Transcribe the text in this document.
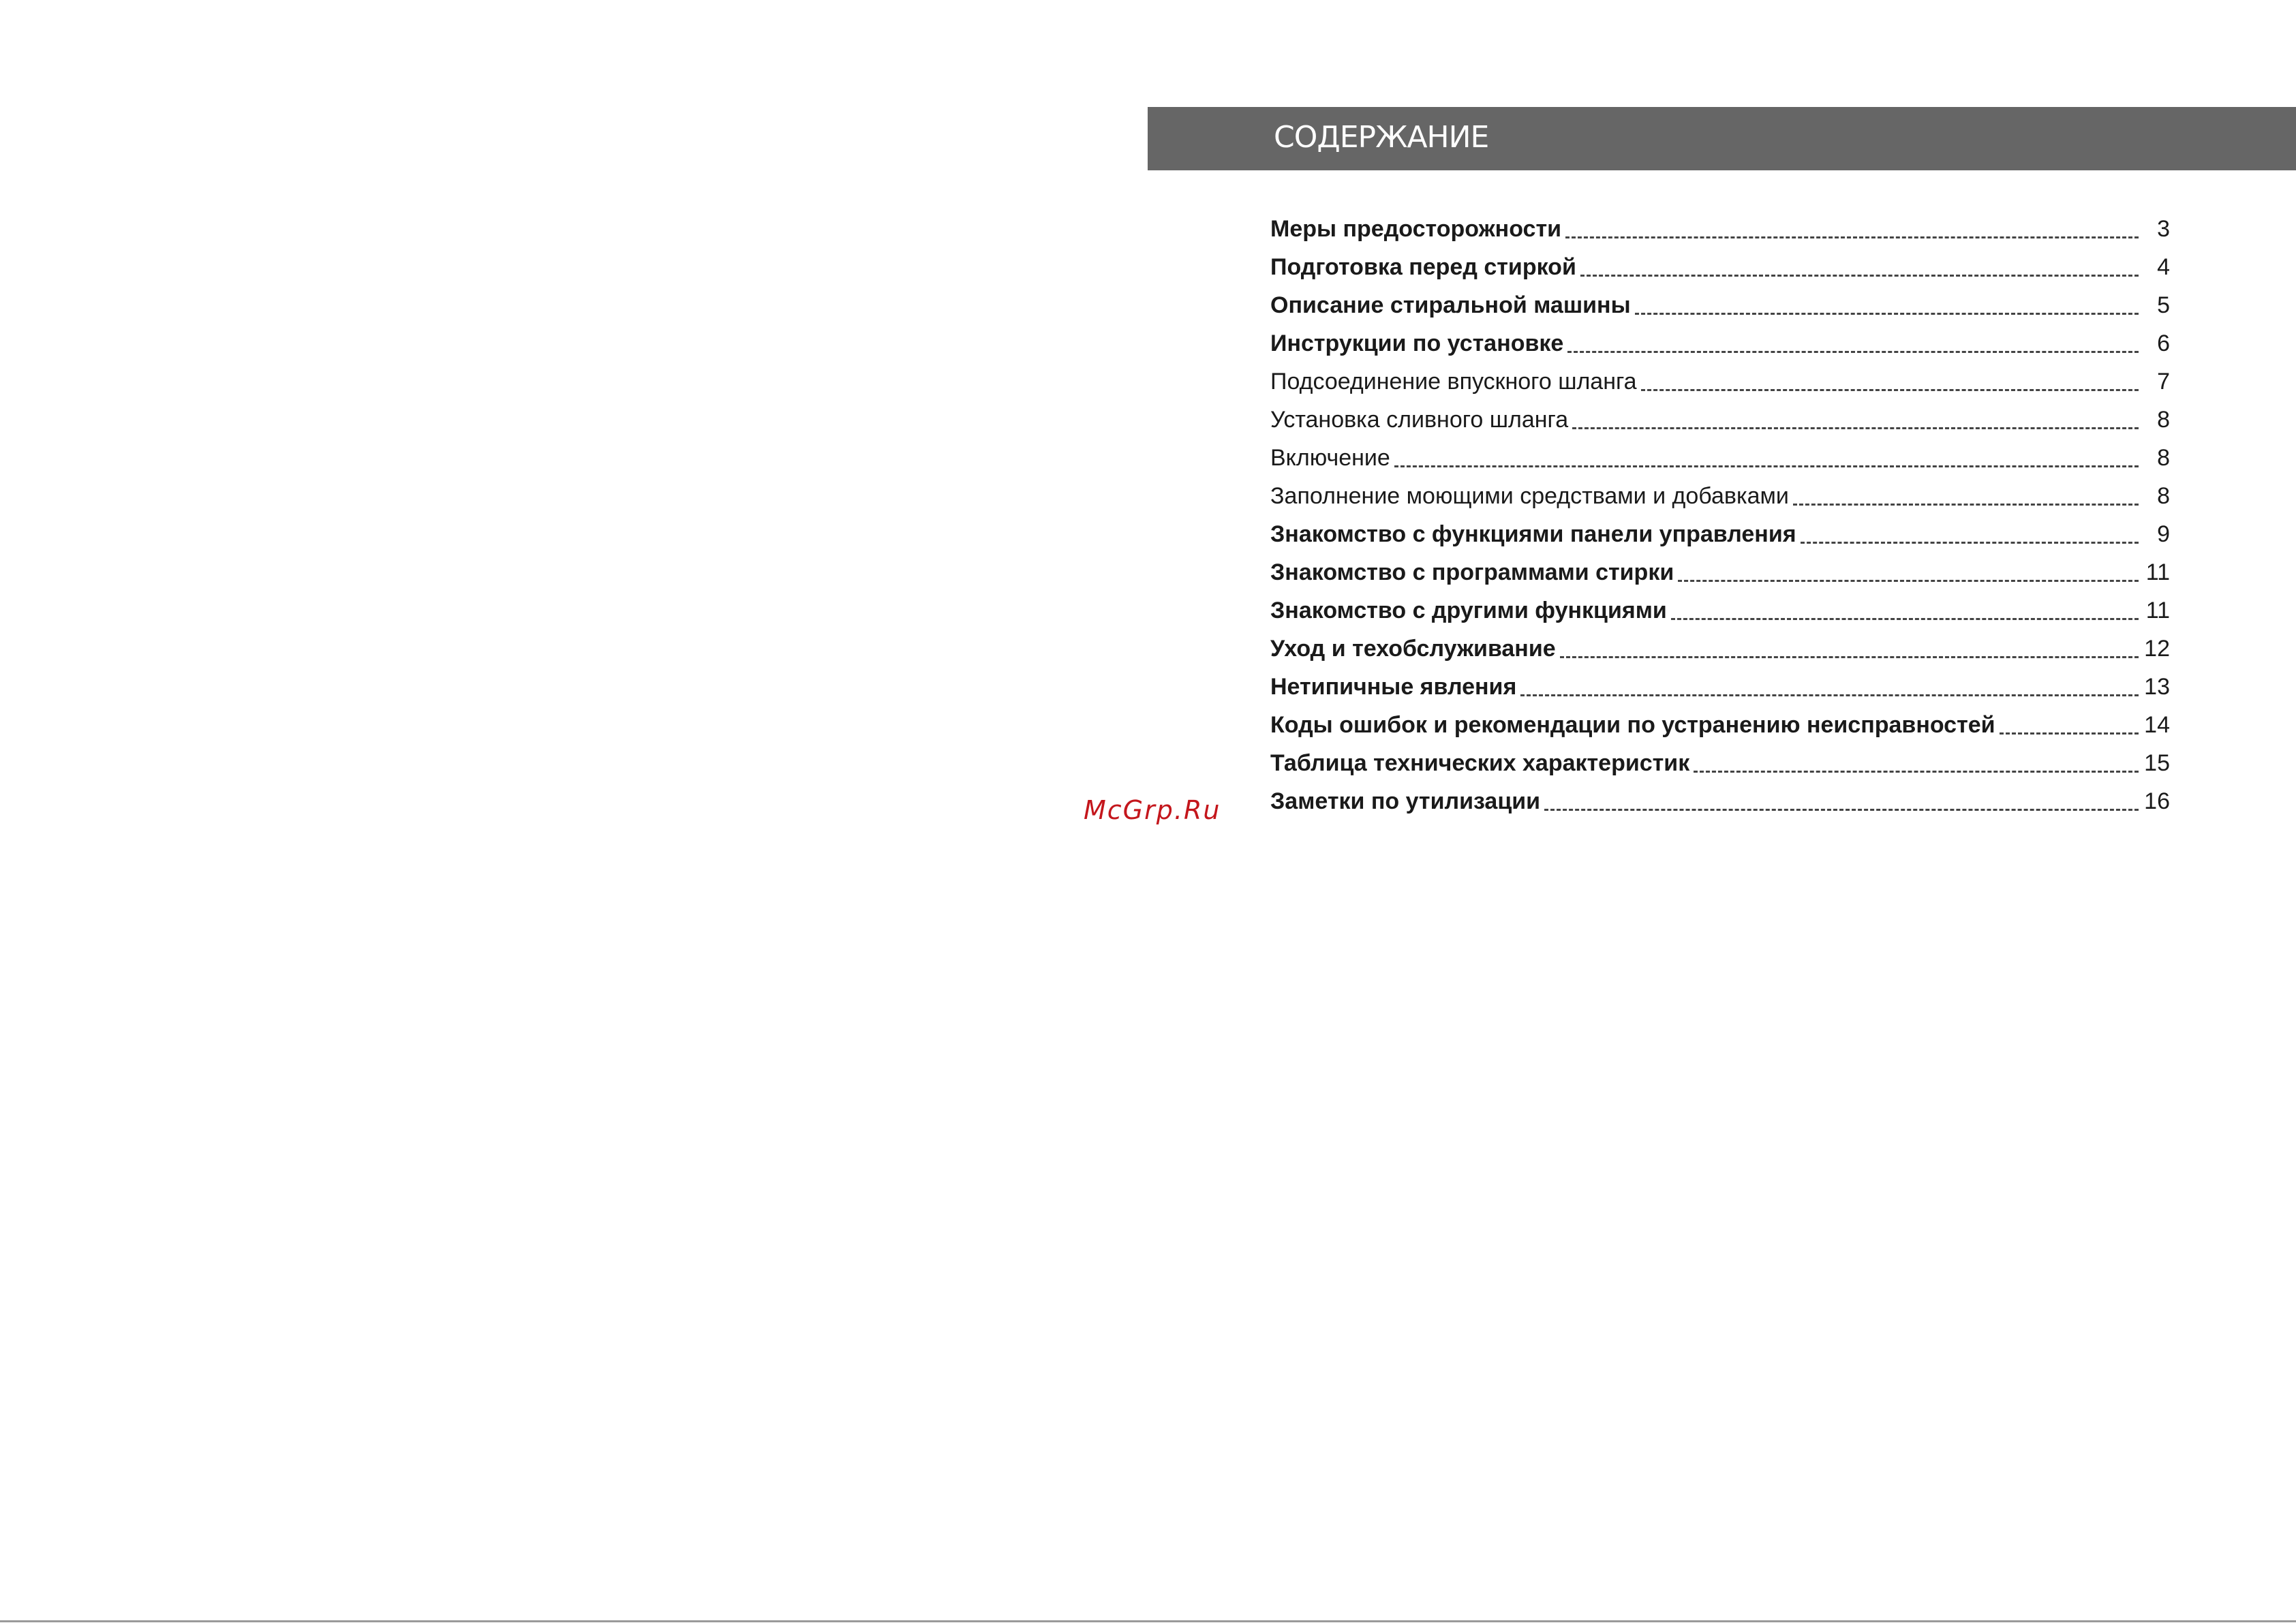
СОДЕРЖАНИЕ
Меры предосторожности	3
Подготовка перед стиркой	4
Описание стиральной машины	5
Инструкции по установке	6
Подсоединение впускного шланга	7
Установка сливного шланга	8
Включение	8
Заполнение моющими средствами и добавками	8
Знакомство с функциями панели управления	9
Знакомство с программами стирки	11
Знакомство с другими функциями	11
Уход и техобслуживание	12
Нетипичные явления	13
Коды ошибок и рекомендации по устранению неисправностей	14
Таблица технических характеристик	15
Заметки по утилизации	16
McGrp.Ru
